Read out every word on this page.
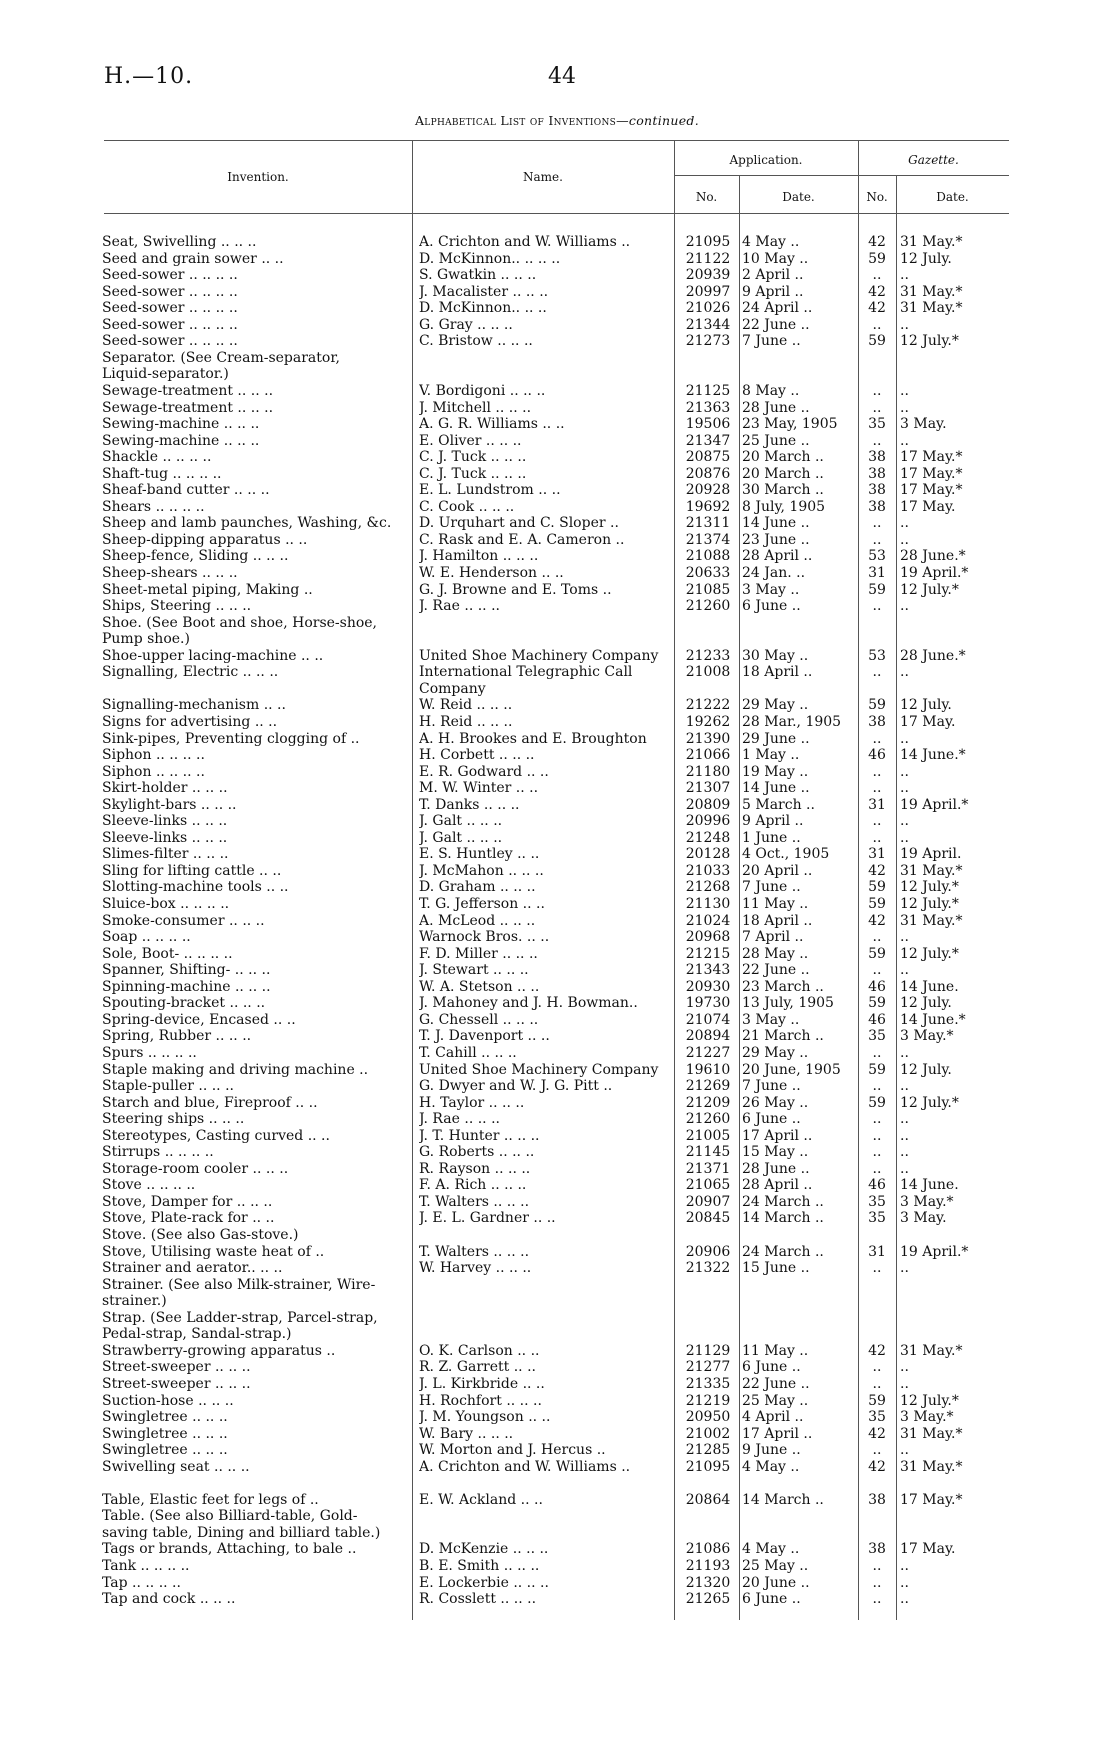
H.—10.	44
Alphabetical List of Inventions—continued.
Invention.	Name.
Application.	Gazette.
No.	Date.	No.	Date.
Seat, Swivelling .. .. ..	A. Crichton and W. Williams ..	21095 4 May ..	42	31 May.*
Seed and grain sower .. ..	D. McKinnon.. .. .. ..	21122 10 May ..	59	12 July.
Seed-sower .. .. .. ..	S. Gwatkin .. .. ..	20939 2 April ..	..	..
Seed-sower .. .. .. ..	J. Macalister .. .. ..	20997 9 April ..	42	31 May.*
Seed-sower .. .. .. ..	D. McKinnon.. .. ..	21026 24 April ..	42	31 May.*
Seed-sower .. .. .. ..	G. Gray .. .. ..	21344 22 June ..	..	..
Seed-sower .. .. .. ..	C. Bristow .. .. ..	21273 7 June ..	59	12 July.*
Separator. (See Cream-separator,
Liquid-separator.)
Sewage-treatment .. .. ..	V. Bordigoni .. .. ..	21125 8 May ..	..	..
Sewage-treatment .. .. ..	J. Mitchell .. .. ..	21363 28 June ..	..	..
Sewing-machine .. .. ..	A. G. R. Williams .. ..	19506 23 May, 1905	35	3 May.
Sewing-machine .. .. ..	E. Oliver .. .. ..	21347 25 June ..	..	..
Shackle .. .. .. ..	C. J. Tuck .. .. ..	20875 20 March ..	38	17 May.*
Shaft-tug .. .. .. ..	C. J. Tuck .. .. ..	20876 20 March ..	38	17 May.*
Sheaf-band cutter .. .. ..	E. L. Lundstrom .. ..	20928 30 March ..	38	17 May.*
Shears .. .. .. ..	C. Cook .. .. ..	19692 8 July, 1905	38	17 May.
Sheep and lamb paunches, Washing, &c.	D. Urquhart and C. Sloper ..	21311 14 June ..	..	..
Sheep-dipping apparatus .. ..	C. Rask and E. A. Cameron ..	21374 23 June ..	..	..
Sheep-fence, Sliding .. .. ..	J. Hamilton .. .. ..	21088 28 April ..	53	28 June.*
Sheep-shears .. .. ..	W. E. Henderson .. ..	20633 24 Jan. ..	31	19 April.*
Sheet-metal piping, Making ..	G. J. Browne and E. Toms ..	21085 3 May ..	59	12 July.*
Ships, Steering .. .. ..	J. Rae .. .. ..	21260 6 June ..	..	..
Shoe. (See Boot and shoe, Horse-shoe,
Pump shoe.)
Shoe-upper lacing-machine .. ..	United Shoe Machinery Company	21233 30 May ..	53	28 June.*
Signalling, Electric .. .. ..	International Telegraphic Call	21008 18 April ..	..	..
Company
Signalling-mechanism .. ..	W. Reid .. .. ..	21222 29 May ..	59	12 July.
Signs for advertising .. ..	H. Reid .. .. ..	19262 28 Mar., 1905	38	17 May.
Sink-pipes, Preventing clogging of ..	A. H. Brookes and E. Broughton	21390 29 June ..	..	..
Siphon .. .. .. ..	H. Corbett .. .. ..	21066 1 May ..	46	14 June.*
Siphon .. .. .. ..	E. R. Godward .. ..	21180 19 May ..	..	..
Skirt-holder .. .. ..	M. W. Winter .. ..	21307 14 June ..	..	..
Skylight-bars .. .. ..	T. Danks .. .. ..	20809 5 March ..	31	19 April.*
Sleeve-links .. .. ..	J. Galt .. .. ..	20996 9 April ..	..	..
Sleeve-links .. .. ..	J. Galt .. .. ..	21248 1 June ..	..	..
Slimes-filter .. .. ..	E. S. Huntley .. ..	20128 4 Oct., 1905	31	19 April.
Sling for lifting cattle .. ..	J. McMahon .. .. ..	21033 20 April ..	42	31 May.*
Slotting-machine tools .. ..	D. Graham .. .. ..	21268 7 June ..	59	12 July.*
Sluice-box .. .. .. ..	T. G. Jefferson .. ..	21130 11 May ..	59	12 July.*
Smoke-consumer .. .. ..	A. McLeod .. .. ..	21024 18 April ..	42	31 May.*
Soap .. .. .. ..	Warnock Bros. .. ..	20968 7 April ..	..	..
Sole, Boot- .. .. .. ..	F. D. Miller .. .. ..	21215 28 May ..	59	12 July.*
Spanner, Shifting- .. .. ..	J. Stewart .. .. ..	21343 22 June ..	..	..
Spinning-machine .. .. ..	W. A. Stetson .. ..	20930 23 March ..	46	14 June.
Spouting-bracket .. .. ..	J. Mahoney and J. H. Bowman..	19730 13 July, 1905	59	12 July.
Spring-device, Encased .. ..	G. Chessell .. .. ..	21074 3 May ..	46	14 June.*
Spring, Rubber .. .. ..	T. J. Davenport .. ..	20894 21 March ..	35	3 May.*
Spurs .. .. .. ..	T. Cahill .. .. ..	21227 29 May ..	..	..
Staple making and driving machine ..	United Shoe Machinery Company	19610 20 June, 1905	59	12 July.
Staple-puller .. .. ..	G. Dwyer and W. J. G. Pitt ..	21269 7 June ..	..	..
Starch and blue, Fireproof .. ..	H. Taylor .. .. ..	21209 26 May ..	59	12 July.*
Steering ships .. .. ..	J. Rae .. .. ..	21260 6 June ..	..	..
Stereotypes, Casting curved .. ..	J. T. Hunter .. .. ..	21005 17 April ..	..	..
Stirrups .. .. .. ..	G. Roberts .. .. ..	21145 15 May ..	..	..
Storage-room cooler .. .. ..	R. Rayson .. .. ..	21371 28 June ..	..	..
Stove .. .. .. ..	F. A. Rich .. .. ..	21065 28 April ..	46	14 June.
Stove, Damper for .. .. ..	T. Walters .. .. ..	20907 24 March ..	35	3 May.*
Stove, Plate-rack for .. ..	J. E. L. Gardner .. ..	20845 14 March ..	35	3 May.
Stove. (See also Gas-stove.)
Stove, Utilising waste heat of ..	T. Walters .. .. ..	20906 24 March ..	31	19 April.*
Strainer and aerator.. .. ..	W. Harvey .. .. ..	21322 15 June ..	..	..
Strainer. (See also Milk-strainer, Wire-
strainer.)
Strap. (See Ladder-strap, Parcel-strap,
Pedal-strap, Sandal-strap.)
Strawberry-growing apparatus ..	O. K. Carlson .. ..	21129 11 May ..	42	31 May.*
Street-sweeper .. .. ..	R. Z. Garrett .. ..	21277 6 June ..	..	..
Street-sweeper .. .. ..	J. L. Kirkbride .. ..	21335 22 June ..	..	..
Suction-hose .. .. ..	H. Rochfort .. .. ..	21219 25 May ..	59	12 July.*
Swingletree .. .. ..	J. M. Youngson .. ..	20950 4 April ..	35	3 May.*
Swingletree .. .. ..	W. Bary .. .. ..	21002 17 April ..	42	31 May.*
Swingletree .. .. ..	W. Morton and J. Hercus ..	21285 9 June ..	..	..
Swivelling seat .. .. ..	A. Crichton and W. Williams ..	21095 4 May ..	42	31 May.*
Table, Elastic feet for legs of ..	E. W. Ackland .. ..	20864 14 March ..	38	17 May.*
Table. (See also Billiard-table, Gold-
saving table, Dining and billiard table.)
Tags or brands, Attaching, to bale ..	D. McKenzie .. .. ..	21086 4 May ..	38	17 May.
Tank .. .. .. ..	B. E. Smith .. .. ..	21193 25 May ..	..	..
Tap .. .. .. ..	E. Lockerbie .. .. ..	21320 20 June ..	..	..
Tap and cock .. .. ..	R. Cosslett .. .. ..	21265 6 June ..	..	..
